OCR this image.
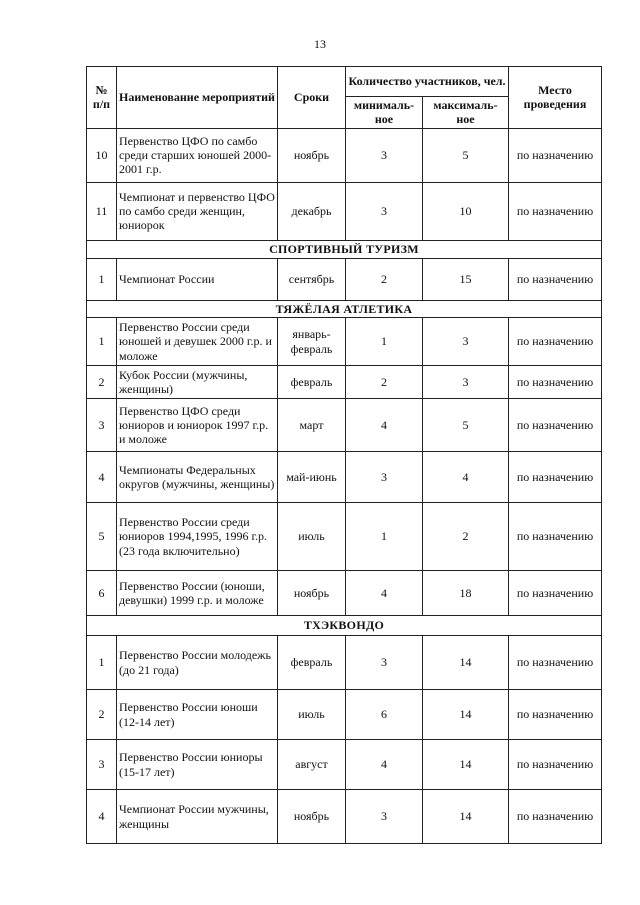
13
№ п/п	Наименование мероприятий	Сроки	Количество участников, чел.		Место проведения
			минималь-ное	максималь-ное	
10	Первенство ЦФО по самбо среди старших юношей 2000-2001 г.р.	ноябрь	3	5	по назначению
11	Чемпионат и первенство ЦФО по самбо среди женщин, юниорок	декабрь	3	10	по назначению
СПОРТИВНЫЙ ТУРИЗМ					
1	Чемпионат России	сентябрь	2	15	по назначению
ТЯЖЁЛАЯ АТЛЕТИКА					
1	Первенство России среди юношей и девушек 2000 г.р. и моложе	январь-февраль	1	3	по назначению
2	Кубок России (мужчины, женщины)	февраль	2	3	по назначению
3	Первенство ЦФО среди юниоров и юниорок 1997 г.р. и моложе	март	4	5	по назначению
4	Чемпионаты Федеральных округов (мужчины, женщины)	май-июнь	3	4	по назначению
5	Первенство России среди юниоров 1994,1995, 1996 г.р. (23 года включительно)	июль	1	2	по назначению
6	Первенство России (юноши, девушки) 1999 г.р. и моложе	ноябрь	4	18	по назначению
ТХЭКВОНДО					
1	Первенство России молодежь (до 21 года)	февраль	3	14	по назначению
2	Первенство России юноши (12-14 лет)	июль	6	14	по назначению
3	Первенство России юниоры (15-17 лет)	август	4	14	по назначению
4	Чемпионат России мужчины, женщины	ноябрь	3	14	по назначению
